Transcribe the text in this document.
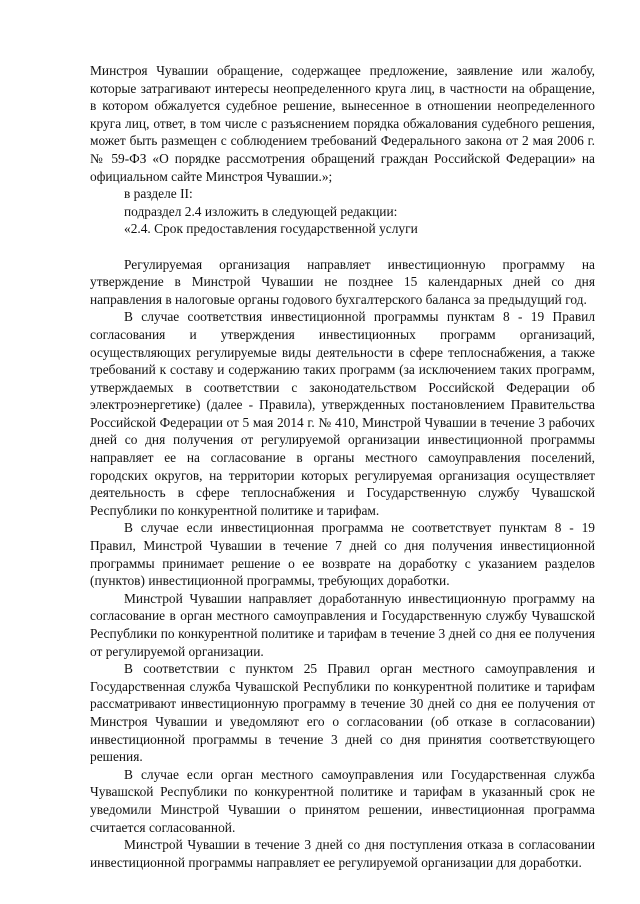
Минстроя Чувашии обращение, содержащее предложение, заявление или жалобу, которые затрагивают интересы неопределенного круга лиц, в частности на обращение, в котором обжалуется судебное решение, вынесенное в отношении неопределенного круга лиц, ответ, в том числе с разъяснением порядка обжалования судебного решения, может быть размещен с соблюдением требований Федерального закона от 2 мая 2006 г. № 59-ФЗ «О порядке рассмотрения обращений граждан Российской Федерации» на официальном сайте Минстроя Чувашии.»;

в разделе II:

подраздел 2.4 изложить в следующей редакции:

«2.4. Срок предоставления государственной услуги

Регулируемая организация направляет инвестиционную программу на утверждение в Минстрой Чувашии не позднее 15 календарных дней со дня направления в налоговые органы годового бухгалтерского баланса за предыдущий год.

В случае соответствия инвестиционной программы пунктам 8 - 19 Правил согласования и утверждения инвестиционных программ организаций, осуществляющих регулируемые виды деятельности в сфере теплоснабжения, а также требований к составу и содержанию таких программ (за исключением таких программ, утверждаемых в соответствии с законодательством Российской Федерации об электроэнергетике) (далее - Правила), утвержденных постановлением Правительства Российской Федерации от 5 мая 2014 г. № 410, Минстрой Чувашии в течение 3 рабочих дней со дня получения от регулируемой организации инвестиционной программы направляет ее на согласование в органы местного самоуправления поселений, городских округов, на территории которых регулируемая организация осуществляет деятельность в сфере теплоснабжения и Государственную службу Чувашской Республики по конкурентной политике и тарифам.

В случае если инвестиционная программа не соответствует пунктам 8 - 19 Правил, Минстрой Чувашии в течение 7 дней со дня получения инвестиционной программы принимает решение о ее возврате на доработку с указанием разделов (пунктов) инвестиционной программы, требующих доработки.

Минстрой Чувашии направляет доработанную инвестиционную программу на согласование в орган местного самоуправления и Государственную службу Чувашской Республики по конкурентной политике и тарифам в течение 3 дней со дня ее получения от регулируемой организации.

В соответствии с пунктом 25 Правил орган местного самоуправления и Государственная служба Чувашской Республики по конкурентной политике и тарифам рассматривают инвестиционную программу в течение 30 дней со дня ее получения от Минстроя Чувашии и уведомляют его о согласовании (об отказе в согласовании) инвестиционной программы в течение 3 дней со дня принятия соответствующего решения.

В случае если орган местного самоуправления или Государственная служба Чувашской Республики по конкурентной политике и тарифам в указанный срок не уведомили Минстрой Чувашии о принятом решении, инвестиционная программа считается согласованной.

Минстрой Чувашии в течение 3 дней со дня поступления отказа в согласовании инвестиционной программы направляет ее регулируемой организации для доработки.
